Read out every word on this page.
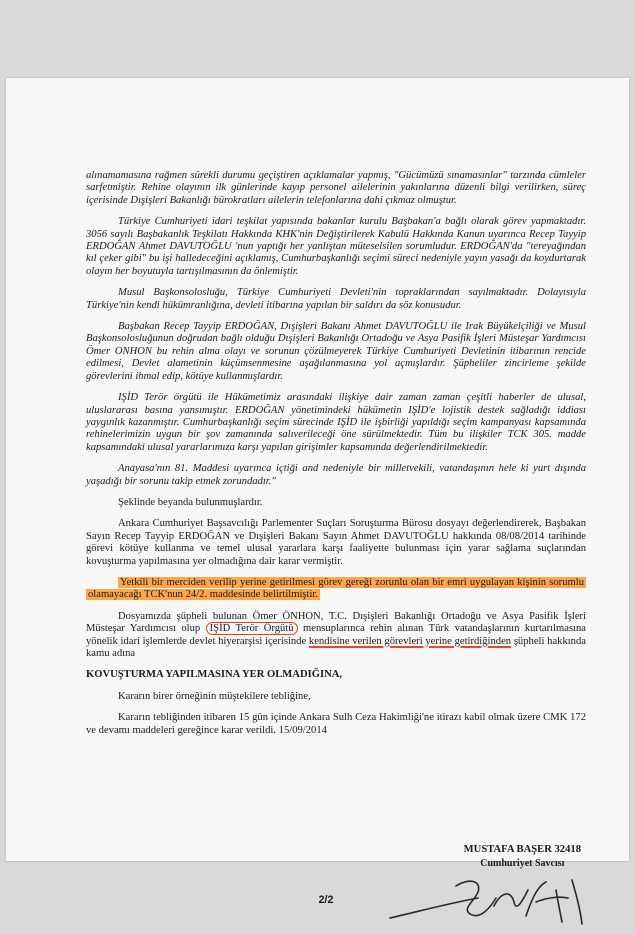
alınamamasına rağmen sürekli durumu geçiştiren açıklamalar yapmış, "Gücümüzü sınamasınlar" tarzında cümleler sarfetmiştir. Rehine olayının ilk günlerinde kayıp personel ailelerinin yakınlarına düzenli bilgi verilirken, süreç içerisinde Dışişleri Bakanlığı bürokratları ailelerin telefonlarına dahi çıkmaz olmuştur.

Türkiye Cumhuriyeti idari teşkilat yapısında bakanlar kurulu Başbakan'a bağlı olarak görev yapmaktadır. 3056 sayılı Başbakanlık Teşkilatı Hakkında KHK'nin Değiştirilerek Kabulü Hakkında Kanun uyarınca Recep Tayyip ERDOĞAN Ahmet DAVUTOĞLU 'nun yaptığı her yanlıştan müteselsilen sorumludur. ERDOĞAN'da "tereyağından kıl çeker gibi" bu işi halledeceğini açıklamış, Cumhurbaşkanlığı seçimi süreci nedeniyle yayın yasağı da koydurtarak olayın her boyutuyla tartışılmasının da önlemiştir.

Musul Başkonsolosluğu, Türkiye Cumhuriyeti Devleti'nin topraklarından sayılmaktadır. Dolayısıyla Türkiye'nin kendi hükümranlığına, devleti itibarına yapılan bir saldırı da söz konusudur.

Başbakan Recep Tayyip ERDOĞAN, Dışişleri Bakanı Ahmet DAVUTOĞLU ile Irak Büyükelçiliği ve Musul Başkonsolosluğunun doğrudan bağlı olduğu Dışişleri Bakanlığı Ortadoğu ve Asya Pasifik İşleri Müsteşar Yardımcısı Ömer ONHON bu rehin alma olayı ve sorunun çözülmeyerek Türkiye Cumhuriyeti Devletinin itibarının rencide edilmesi, Devlet alametinin küçümsenmesine aşağılanmasına yol açmışlardır. Şüpheliler zincirleme şekilde görevlerini ihmal edip, kötüye kullanmışlardır.

IŞİD Terör örgütü ile Hükümetimiz arasındaki ilişkiye dair zaman zaman çeşitli haberler de ulusal, uluslararası basına yansımıştır. ERDOĞAN yönetimindeki hükümetin IŞİD'e lojistik destek sağladığı iddiası yaygınlık kazanmıştır. Cumhurbaşkanlığı seçim sürecinde IŞİD ile işbirliği yapıldığı seçim kampanyası kapsamında rehinelerimizin uygun bir şov zamanında salıverileceği öne sürülmektedir. Tüm bu ilişkiler TCK 305. madde kapsamındaki ulusal yararlarımıza karşı yapılan girişimler kapsamında değerlendirilmektedir.

Anayasa'nın 81. Maddesi uyarınca içtiği and nedeniyle bir milletvekili, vatandaşının hele ki yurt dışında yaşadığı bir sorunu takip etmek zorundadır."

Şeklinde beyanda bulunmuşlardır.

Ankara Cumhuriyet Başsavcılığı Parlementer Suçları Soruşturma Bürosu dosyayı değerlendirerek, Başbakan Sayın Recep Tayyip ERDOĞAN ve Dışişleri Bakanı Sayın Ahmet DAVUTOĞLU hakkında 08/08/2014 tarihinde görevi kötüye kullanma ve temel ulusal yararlara karşı faaliyette bulunması için yarar sağlama suçlarından kovuşturma yapılmasına yer olmadığına dair karar vermiştir.

Yetkili bir merciden verilip yerine getirilmesi görev gereği zorunlu olan bir emri uygulayan kişinin sorumlu olamayacağı TCK'nun 24/2. maddesinde belirtilmiştir.

Dosyamızda şüpheli bulunan Ömer ÖNHON, T.C. Dışişleri Bakanlığı Ortadoğu ve Asya Pasifik İşleri Müsteşar Yardımcısı olup IŞİD Terör Örgütü mensuplarınca rehin alınan Türk vatandaşlarının kurtarılmasına yönelik idari işlemlerde devlet hiyerarşisi içerisinde kendisine verilen görevleri yerine getirdiğinden şüpheli hakkında kamu adına

KOVUŞTURMA YAPILMASINA YER OLMADIĞINA,

Kararın birer örneğinin müştekilere tebliğine,

Kararın tebliğinden itibaren 15 gün içinde Ankara Sulh Ceza Hakimliği'ne itirazı kabil olmak üzere CMK 172 ve devamı maddeleri gereğince karar verildi. 15/09/2014

MUSTAFA BAŞER 32418
Cumhuriyet Savcısı
2/2
